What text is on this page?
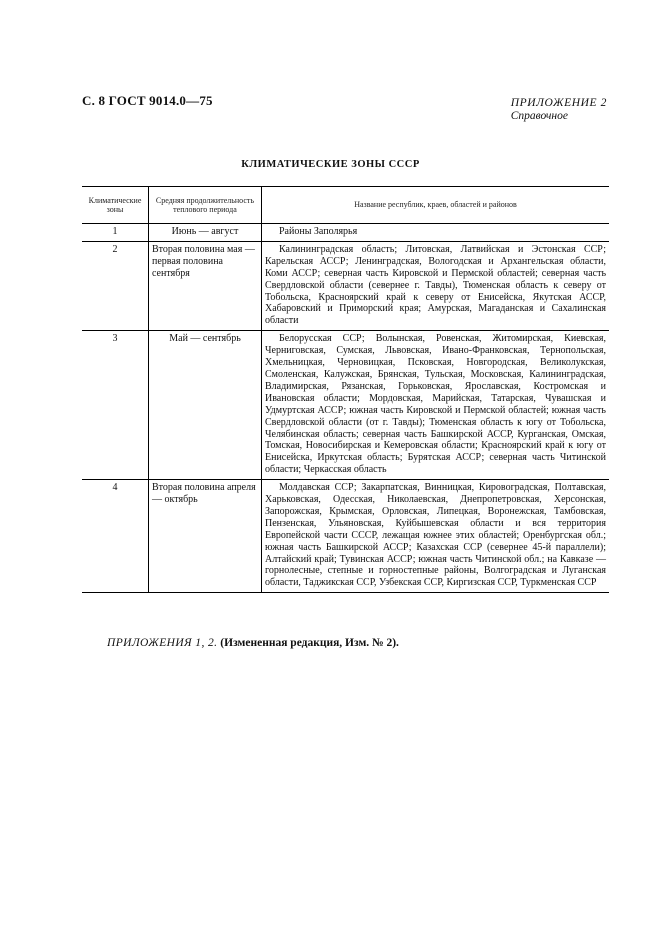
С. 8 ГОСТ 9014.0—75	ПРИЛОЖЕНИЕ 2
Справочное
КЛИМАТИЧЕСКИЕ ЗОНЫ СССР
Климатические зоны	Средняя продолжительность теплового периода	Название республик, краев, областей и районов
1	Июнь — август	Районы Заполярья
2	Вторая половина мая — первая половина сентября	Калининградская область; Литовская, Латвийская и Эстонская ССР; Карельская АССР; Ленинградская, Вологодская и Архангельская области, Коми АССР; северная часть Кировской и Пермской областей; северная часть Свердловской области (севернее г. Тавды), Тюменская область к северу от Тобольска, Красноярский край к северу от Енисейска, Якутская АССР, Хабаровский и Приморский края; Амурская, Магаданская и Сахалинская области
3	Май — сентябрь	Белорусская ССР; Волынская, Ровенская, Житомирская, Киевская, Черниговская, Сумская, Львовская, Ивано-Франковская, Тернопольская, Хмельницкая, Черновицкая, Псковская, Новгородская, Великолукская, Смоленская, Калужская, Брянская, Тульская, Московская, Калининградская, Владимирская, Рязанская, Горьковская, Ярославская, Костромская и Ивановская области; Мордовская, Марийская, Татарская, Чувашская и Удмуртская АССР; южная часть Кировской и Пермской областей; южная часть Свердловской области (от г. Тавды); Тюменская область к югу от Тобольска, Челябинская область; северная часть Башкирской АССР, Курганская, Омская, Томская, Новосибирская и Кемеровская области; Красноярский край к югу от Енисейска, Иркутская область; Бурятская АССР; северная часть Читинской области; Черкасская область
4	Вторая половина апреля — октябрь	Молдавская ССР; Закарпатская, Винницкая, Кировоградская, Полтавская, Харьковская, Одесская, Николаевская, Днепропетровская, Херсонская, Запорожская, Крымская, Орловская, Липецкая, Воронежская, Тамбовская, Пензенская, Ульяновская, Куйбышевская области и вся территория Европейской части СССР, лежащая южнее этих областей; Оренбургская обл.; южная часть Башкирской АССР; Казахская ССР (севернее 45-й параллели); Алтайский край; Тувинская АССР; южная часть Читинской обл.; на Кавказе — горнолесные, степные и горностепные районы, Волгоградская и Луганская области, Таджикская ССР, Узбекская ССР, Киргизская ССР, Туркменская ССР
ПРИЛОЖЕНИЯ 1, 2. (Измененная редакция, Изм. № 2).
